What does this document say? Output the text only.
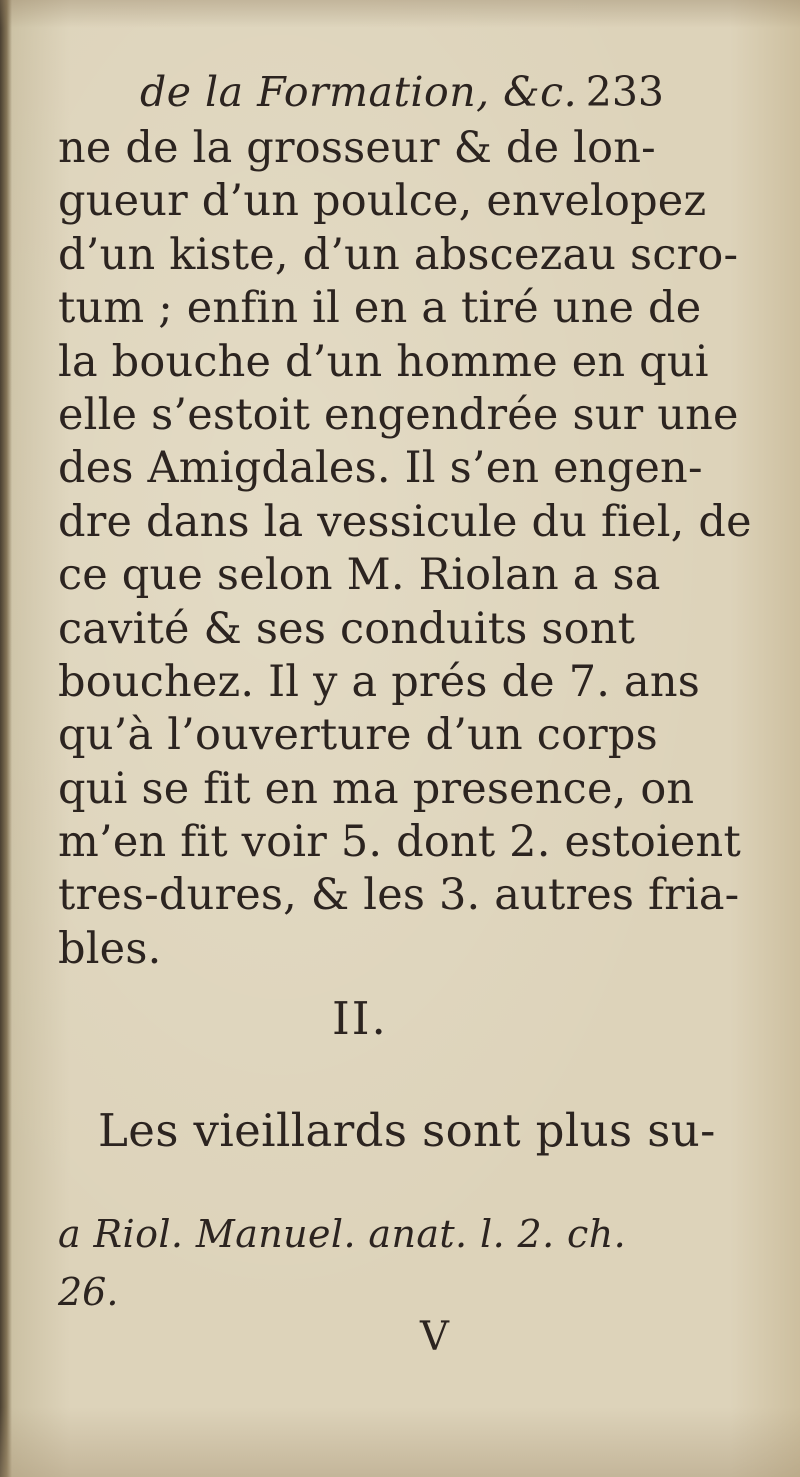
de la Formation, &c. 233
ne de la grosseur & de lon-
gueur d’un poulce, envelopez
d’un kiste, d’un abscezau scro-
tum ; enfin il en a tiré une de
la bouche d’un homme en qui
elle s’estoit engendrée sur une
des Amigdales. Il s’en engen-
dre dans la vessicule du fiel, de
ce que selon M. Riolan a sa
cavité & ses conduits sont
bouchez. Il y a prés de 7. ans
qu’à l’ouverture d’un corps
qui se fit en ma presence, on
m’en fit voir 5. dont 2. estoient
tres-dures, & les 3. autres fria-
bles.
II.
Les vieillards sont plus su-
a Riol. Manuel. anat. l. 2. ch.
26.
V
